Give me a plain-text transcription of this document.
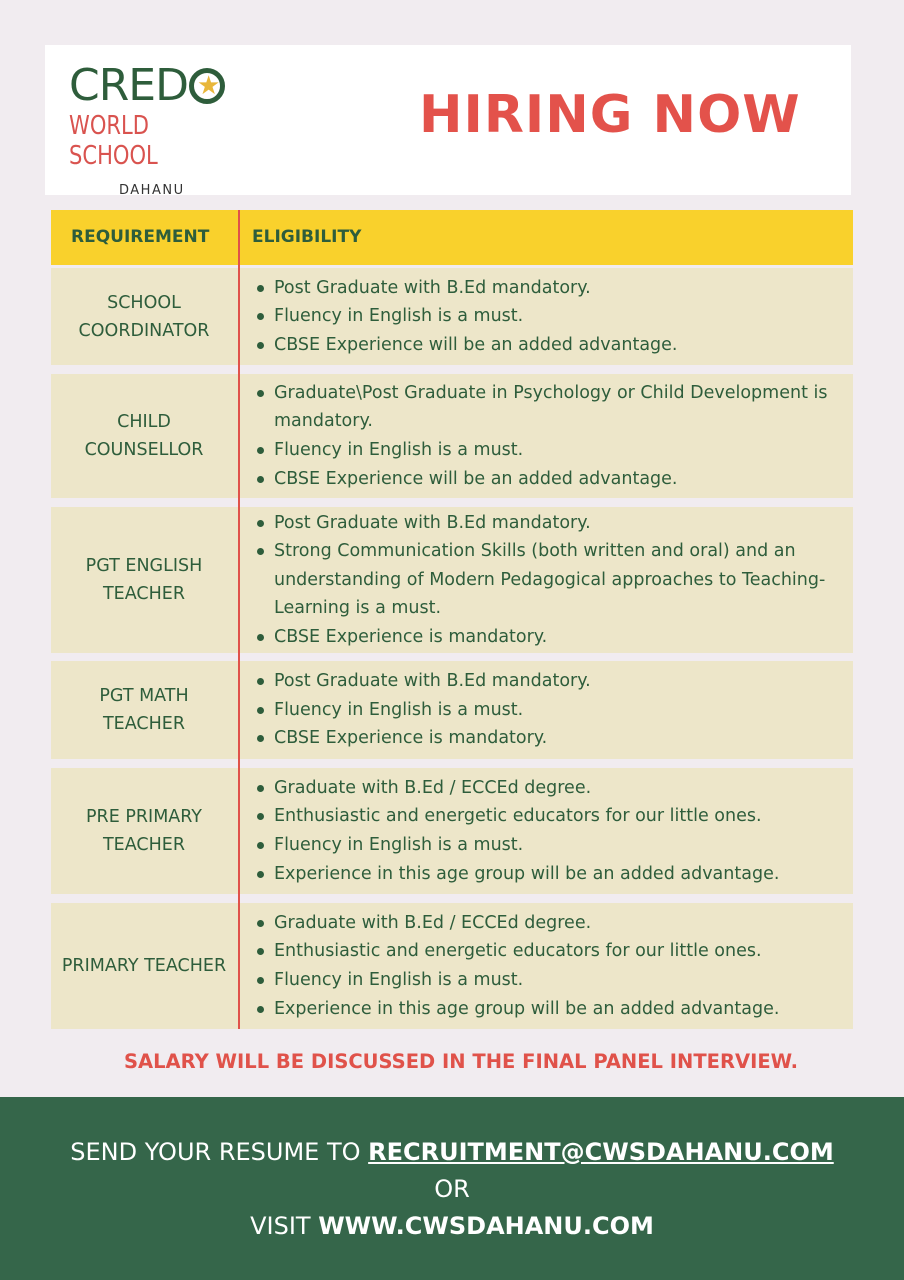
CRED ★
WORLD SCHOOL
DAHANU
HIRING NOW
REQUIREMENT	ELIGIBILITY
SCHOOL COORDINATOR
Post Graduate with B.Ed mandatory.
Fluency in English is a must.
CBSE Experience will be an added advantage.
CHILD COUNSELLOR
Graduate\Post Graduate in Psychology or Child Development is mandatory.
Fluency in English is a must.
CBSE Experience will be an added advantage.
PGT ENGLISH TEACHER
Post Graduate with B.Ed mandatory.
Strong Communication Skills (both written and oral) and an understanding of Modern Pedagogical approaches to Teaching- Learning is a must.
CBSE Experience is mandatory.
PGT MATH TEACHER
Post Graduate with B.Ed mandatory.
Fluency in English is a must.
CBSE Experience is mandatory.
PRE PRIMARY TEACHER
Graduate with B.Ed / ECCEd degree.
Enthusiastic and energetic educators for our little ones.
Fluency in English is a must.
Experience in this age group will be an added advantage.
PRIMARY TEACHER
Graduate with B.Ed / ECCEd degree.
Enthusiastic and energetic educators for our little ones.
Fluency in English is a must.
Experience in this age group will be an added advantage.
SALARY WILL BE DISCUSSED IN THE FINAL PANEL INTERVIEW.
SEND YOUR RESUME TO RECRUITMENT@CWSDAHANU.COM
OR
VISIT WWW.CWSDAHANU.COM
